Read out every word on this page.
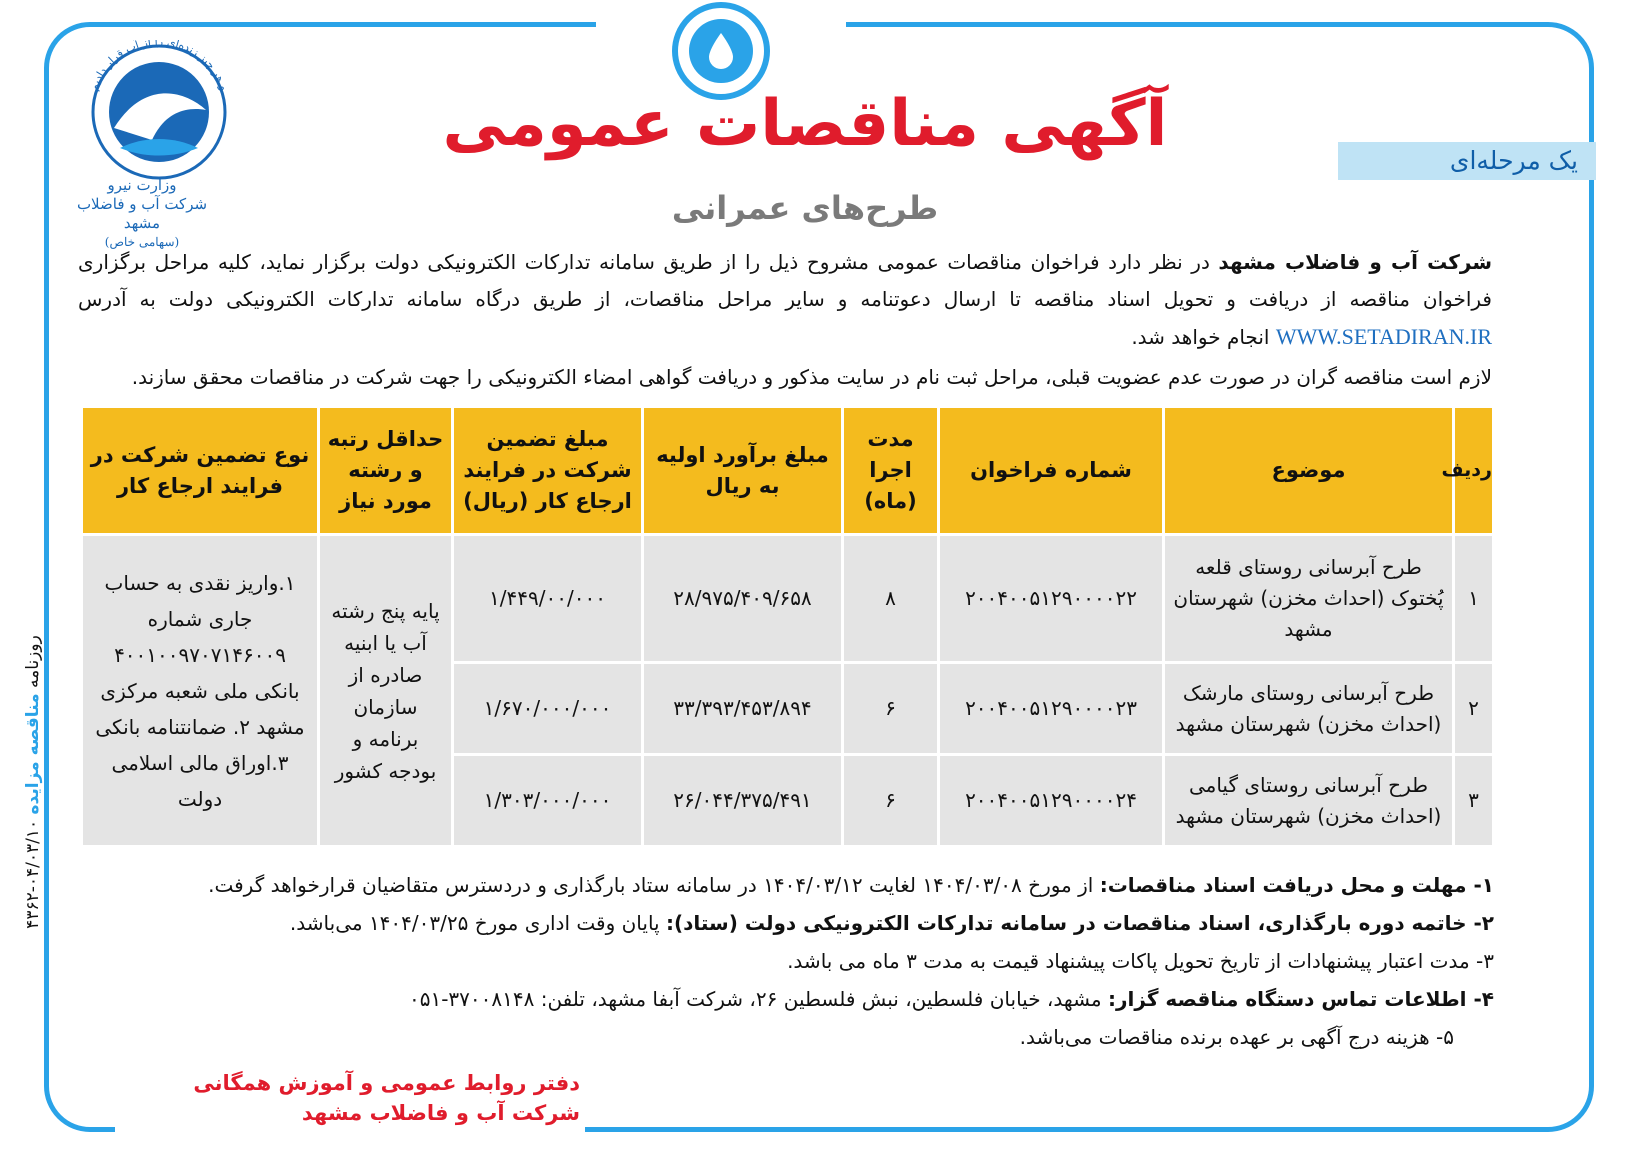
و هر چیز زنده‌ای را از آب قرار دادیم
وزارت نیرو
شرکت آب و فاضلاب مشهد
(سهامی خاص)
آگهی مناقصات عمومی
طرح‌های عمرانی
یک مرحله‌ای
شرکت آب و فاضلاب مشهد در نظر دارد فراخوان مناقصات عمومی مشروح ذیل را از طریق سامانه تدارکات الکترونیکی دولت برگزار نماید، کلیه مراحل برگزاری فراخوان مناقصه از دریافت و تحویل اسناد مناقصه تا ارسال دعوتنامه و سایر مراحل مناقصات، از طریق درگاه سامانه تدارکات الکترونیکی دولت به آدرس WWW.SETADIRAN.IR انجام خواهد شد.
لازم است مناقصه گران در صورت عدم عضویت قبلی، مراحل ثبت نام در سایت مذکور و دریافت گواهی امضاء الکترونیکی را جهت شرکت در مناقصات محقق سازند.
ردیف	موضوع	شماره فراخوان	مدت اجرا (ماه)	مبلغ برآورد اولیه به ریال	مبلغ تضمین شرکت در فرایند ارجاع کار (ریال)	حداقل رتبه و رشته مورد نیاز	نوع تضمین شرکت در فرایند ارجاع کار
۱	طرح آبرسانی روستای قلعه پُختوک (احداث مخزن) شهرستان مشهد	۲۰۰۴۰۰۵۱۲۹۰۰۰۰۲۲	۸	۲۸/۹۷۵/۴۰۹/۶۵۸	۱/۴۴۹/۰۰/۰۰۰	پایه پنج رشته آب یا ابنیه صادره از سازمان برنامه و بودجه کشور	۱.واریز نقدی به حساب جاری شماره ۴۰۰۱۰۰۹۷۰۷۱۴۶۰۰۹ بانکی ملی شعبه مرکزی مشهد ۲. ضمانتنامه بانکی ۳.اوراق مالی اسلامی دولت
۲	طرح آبرسانی روستای مارشک (احداث مخزن) شهرستان مشهد	۲۰۰۴۰۰۵۱۲۹۰۰۰۰۲۳	۶	۳۳/۳۹۳/۴۵۳/۸۹۴	۱/۶۷۰/۰۰۰/۰۰۰		
۳	طرح آبرسانی روستای گیامی (احداث مخزن) شهرستان مشهد	۲۰۰۴۰۰۵۱۲۹۰۰۰۰۲۴	۶	۲۶/۰۴۴/۳۷۵/۴۹۱	۱/۳۰۳/۰۰۰/۰۰۰		
۱- مهلت و محل دریافت اسناد مناقصات: از مورخ ۱۴۰۴/۰۳/۰۸ لغایت ۱۴۰۴/۰۳/۱۲ در سامانه ستاد بارگذاری و دردسترس متقاضیان قرارخواهد گرفت.
۲- خاتمه دوره بارگذاری، اسناد مناقصات در سامانه تدارکات الکترونیکی دولت (ستاد): پایان وقت اداری مورخ ۱۴۰۴/۰۳/۲۵ می‌باشد.
۳- مدت اعتبار پیشنهادات از تاریخ تحویل پاکات پیشنهاد قیمت به مدت ۳ ماه می باشد.
۴- اطلاعات تماس دستگاه مناقصه گزار: مشهد، خیابان فلسطین، نبش فلسطین ۲۶، شرکت آبفا مشهد، تلفن: ۳۷۰۰۸۱۴۸-۰۵۱
۵- هزینه درج آگهی بر عهده برنده مناقصات می‌باشد.
دفتر روابط عمومی و آموزش همگانی شرکت آب و فاضلاب مشهد
روزنامه مناقصه مزایده ۰۴/۰۳/۱۰-۴۳۶۲
